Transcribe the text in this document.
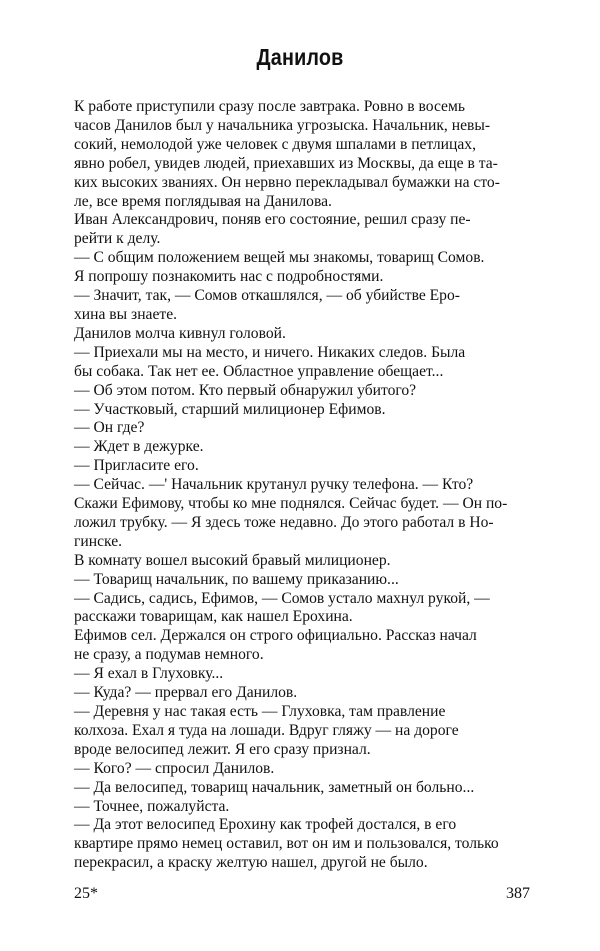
Данилов

К работе приступили сразу после завтрака. Ровно в восемь
часов Данилов был у начальника угрозыска. Начальник, невы-
сокий, немолодой уже человек с двумя шпалами в петлицах,
явно робел, увидев людей, приехавших из Москвы, да еще в та-
ких высоких званиях. Он нервно перекладывал бумажки на сто-
ле, все время поглядывая на Данилова.

Иван Александрович, поняв его состояние, решил сразу пе-
рейти к делу.

— С общим положением вещей мы знакомы, товарищ Сомов.
Я попрошу познакомить нас с подробностями.

— Значит, так, — Сомов откашлялся, — об убийстве Еро-
хина вы знаете.

Данилов молча кивнул головой.

— Приехали мы на место, и ничего. Никаких следов. Была
бы собака. Так нет ее. Областное управление обещает...

— Об этом потом. Кто первый обнаружил убитого?

— Участковый, старший милиционер Ефимов.

— Он где?

— Ждет в дежурке.

— Пригласите его.

— Сейчас. —' Начальник крутанул ручку телефона. — Кто?
Скажи Ефимову, чтобы ко мне поднялся. Сейчас будет. — Он по-
ложил трубку. — Я здесь тоже недавно. До этого работал в Но-
гинске.

В комнату вошел высокий бравый милиционер.

— Товарищ начальник, по вашему приказанию...

— Садись, садись, Ефимов, — Сомов устало махнул рукой, —
расскажи товарищам, как нашел Ерохина.

Ефимов сел. Держался он строго официально. Рассказ начал
не сразу, а подумав немного.

— Я ехал в Глуховку...

— Куда? — прервал его Данилов.

— Деревня у нас такая есть — Глуховка, там правление
колхоза. Ехал я туда на лошади. Вдруг гляжу — на дороге
вроде велосипед лежит. Я его сразу признал.

— Кого? — спросил Данилов.

— Да велосипед, товарищ начальник, заметный он больно...

— Точнее, пожалуйста.

— Да этот велосипед Ерохину как трофей достался, в его
квартире прямо немец оставил, вот он им и пользовался, только
перекрасил, а краску желтую нашел, другой не было.

25*	387
